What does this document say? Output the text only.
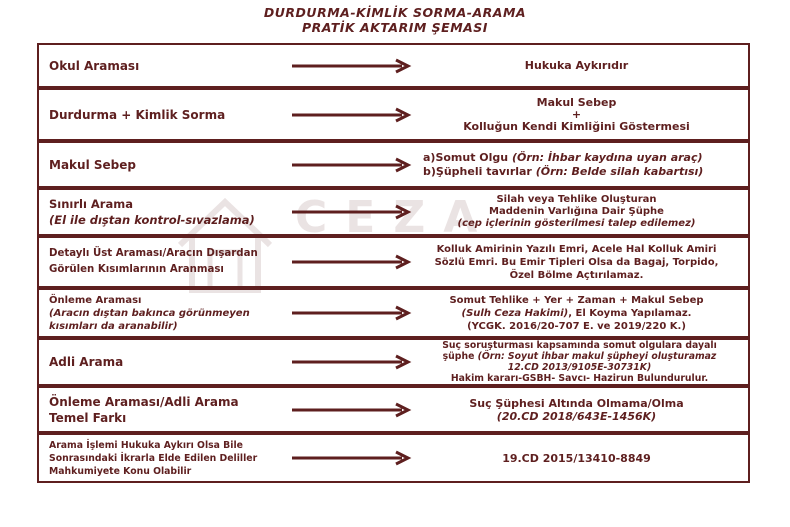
DURDURMA-KİMLİK SORMA-ARAMA
PRATİK AKTARIM ŞEMASI
CEZA
Okul Araması	Hukuka Aykırıdır
Durdurma + Kimlik Sorma
Makul Sebep
+
Kolluğun Kendi Kimliğini Göstermesi
Makul Sebep
a)Somut Olgu (Örn: İhbar kaydına uyan araç)
b)Şüpheli tavırlar (Örn: Belde silah kabartısı)
Sınırlı Arama
(El ile dıştan kontrol-sıvazlama)
Silah veya Tehlike Oluşturan
Maddenin Varlığına Dair Şüphe
(cep içlerinin gösterilmesi talep edilemez)
Detaylı Üst Araması/Aracın Dışardan
Görülen Kısımlarının Aranması
Kolluk Amirinin Yazılı Emri, Acele Hal Kolluk Amiri
Sözlü Emri. Bu Emir Tipleri Olsa da Bagaj, Torpido,
Özel Bölme Açtırılamaz.
Önleme Araması
(Aracın dıştan bakınca görünmeyen
kısımları da aranabilir)
Somut Tehlike + Yer + Zaman + Makul Sebep
(Sulh Ceza Hakimi), El Koyma Yapılamaz.
(YCGK. 2016/20-707 E. ve 2019/220 K.)
Adli Arama
Suç soruşturması kapsamında somut olgulara dayalı
şüphe (Örn: Soyut ihbar makul şüpheyi oluşturamaz
12.CD 2013/9105E-30731K)
Hakim kararı-GSBH- Savcı- Hazirun Bulundurulur.
Önleme Araması/Adli Arama
Temel Farkı
Suç Şüphesi Altında Olmama/Olma
(20.CD 2018/643E-1456K)
Arama İşlemi Hukuka Aykırı Olsa Bile
Sonrasındaki İkrarla Elde Edilen Deliller
Mahkumiyete Konu Olabilir
19.CD 2015/13410-8849
